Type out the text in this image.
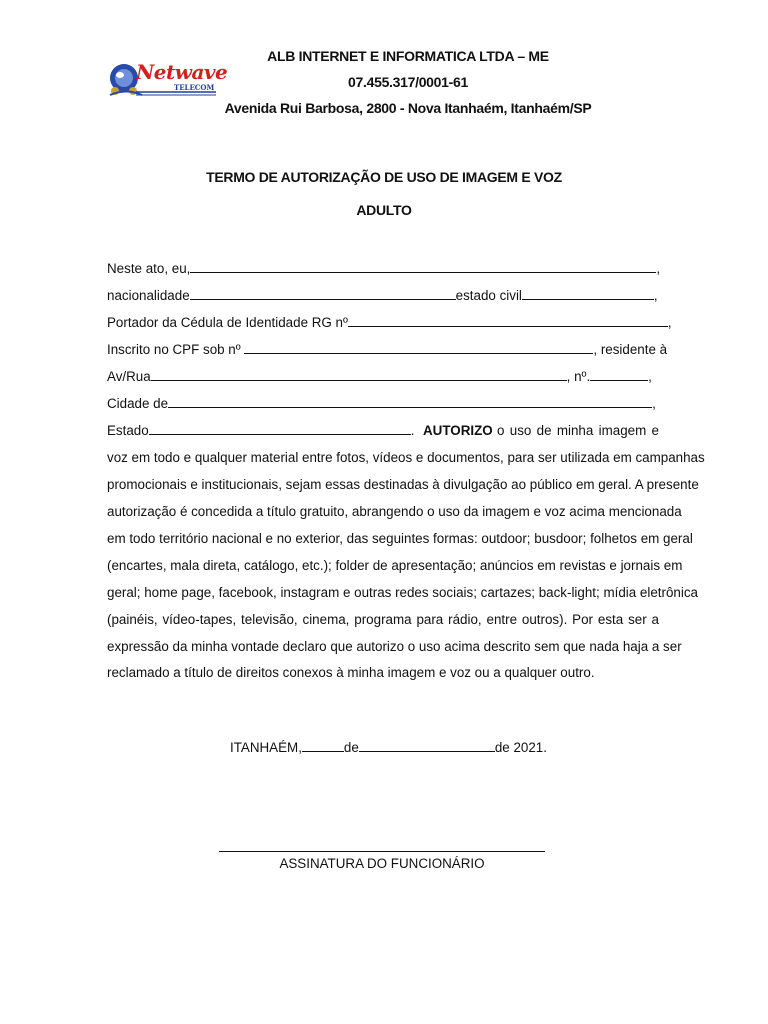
Netwave
TELECOM
ALB INTERNET E INFORMATICA LTDA – ME
07.455.317/0001-61
Avenida Rui Barbosa, 2800 - Nova Itanhaém, Itanhaém/SP
TERMO DE AUTORIZAÇÃO DE USO DE IMAGEM E VOZ
ADULTO
Neste ato, eu,	,
nacionalidade	estado civil	,
Portador da Cédula de Identidade RG nº	,
Inscrito no CPF sob nº	, residente à
Av/Rua	, nº.	,
Cidade de	,
Estado	. AUTORIZO o uso de minha imagem e
voz em todo e qualquer material entre fotos, vídeos e documentos, para ser utilizada em campanhas
promocionais e institucionais, sejam essas destinadas à divulgação ao público em geral. A presente
autorização é concedida a título gratuito, abrangendo o uso da imagem e voz acima mencionada
em todo território nacional e no exterior, das seguintes formas: outdoor; busdoor; folhetos em geral
(encartes, mala direta, catálogo, etc.); folder de apresentação; anúncios em revistas e jornais em
geral; home page, facebook, instagram e outras redes sociais; cartazes; back-light; mídia eletrônica
(painéis, vídeo-tapes, televisão, cinema, programa para rádio, entre outros). Por esta ser a
expressão da minha vontade declaro que autorizo o uso acima descrito sem que nada haja a ser
reclamado a título de direitos conexos à minha imagem e voz ou a qualquer outro.
ITANHAÉM,	de	de 2021.
ASSINATURA DO FUNCIONÁRIO
